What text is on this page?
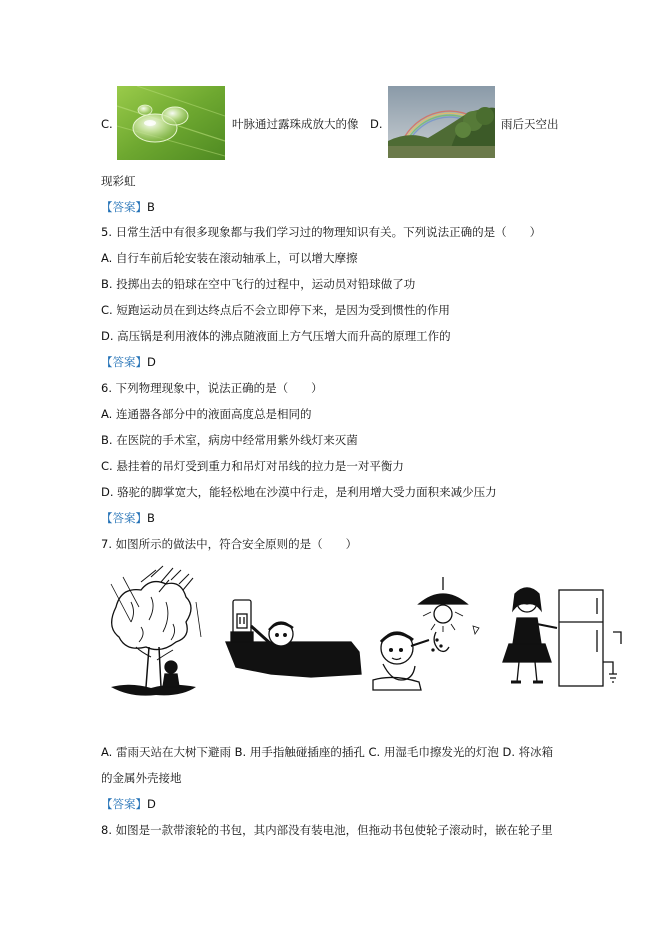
C.	叶脉通过露珠成放大的像 D.	雨后天空出
现彩虹
【答案】B
5. 日常生活中有很多现象都与我们学习过的物理知识有关。下列说法正确的是（　　）
A. 自行车前后轮安装在滚动轴承上，可以增大摩擦
B. 投掷出去的铅球在空中飞行的过程中，运动员对铅球做了功
C. 短跑运动员在到达终点后不会立即停下来，是因为受到惯性的作用
D. 高压锅是利用液体的沸点随液面上方气压增大而升高的原理工作的
【答案】D
6. 下列物理现象中，说法正确的是（　　）
A. 连通器各部分中的液面高度总是相同的
B. 在医院的手术室，病房中经常用紫外线灯来灭菌
C. 悬挂着的吊灯受到重力和吊灯对吊线的拉力是一对平衡力
D. 骆驼的脚掌宽大，能轻松地在沙漠中行走，是利用增大受力面积来减少压力
【答案】B
7. 如图所示的做法中，符合安全原则的是（　　）
A. 雷雨天站在大树下避雨 B. 用手指触碰插座的插孔 C. 用湿毛巾擦发光的灯泡 D. 将冰箱
的金属外壳接地
【答案】D
8. 如图是一款带滚轮的书包，其内部没有装电池，但拖动书包使轮子滚动时，嵌在轮子里
